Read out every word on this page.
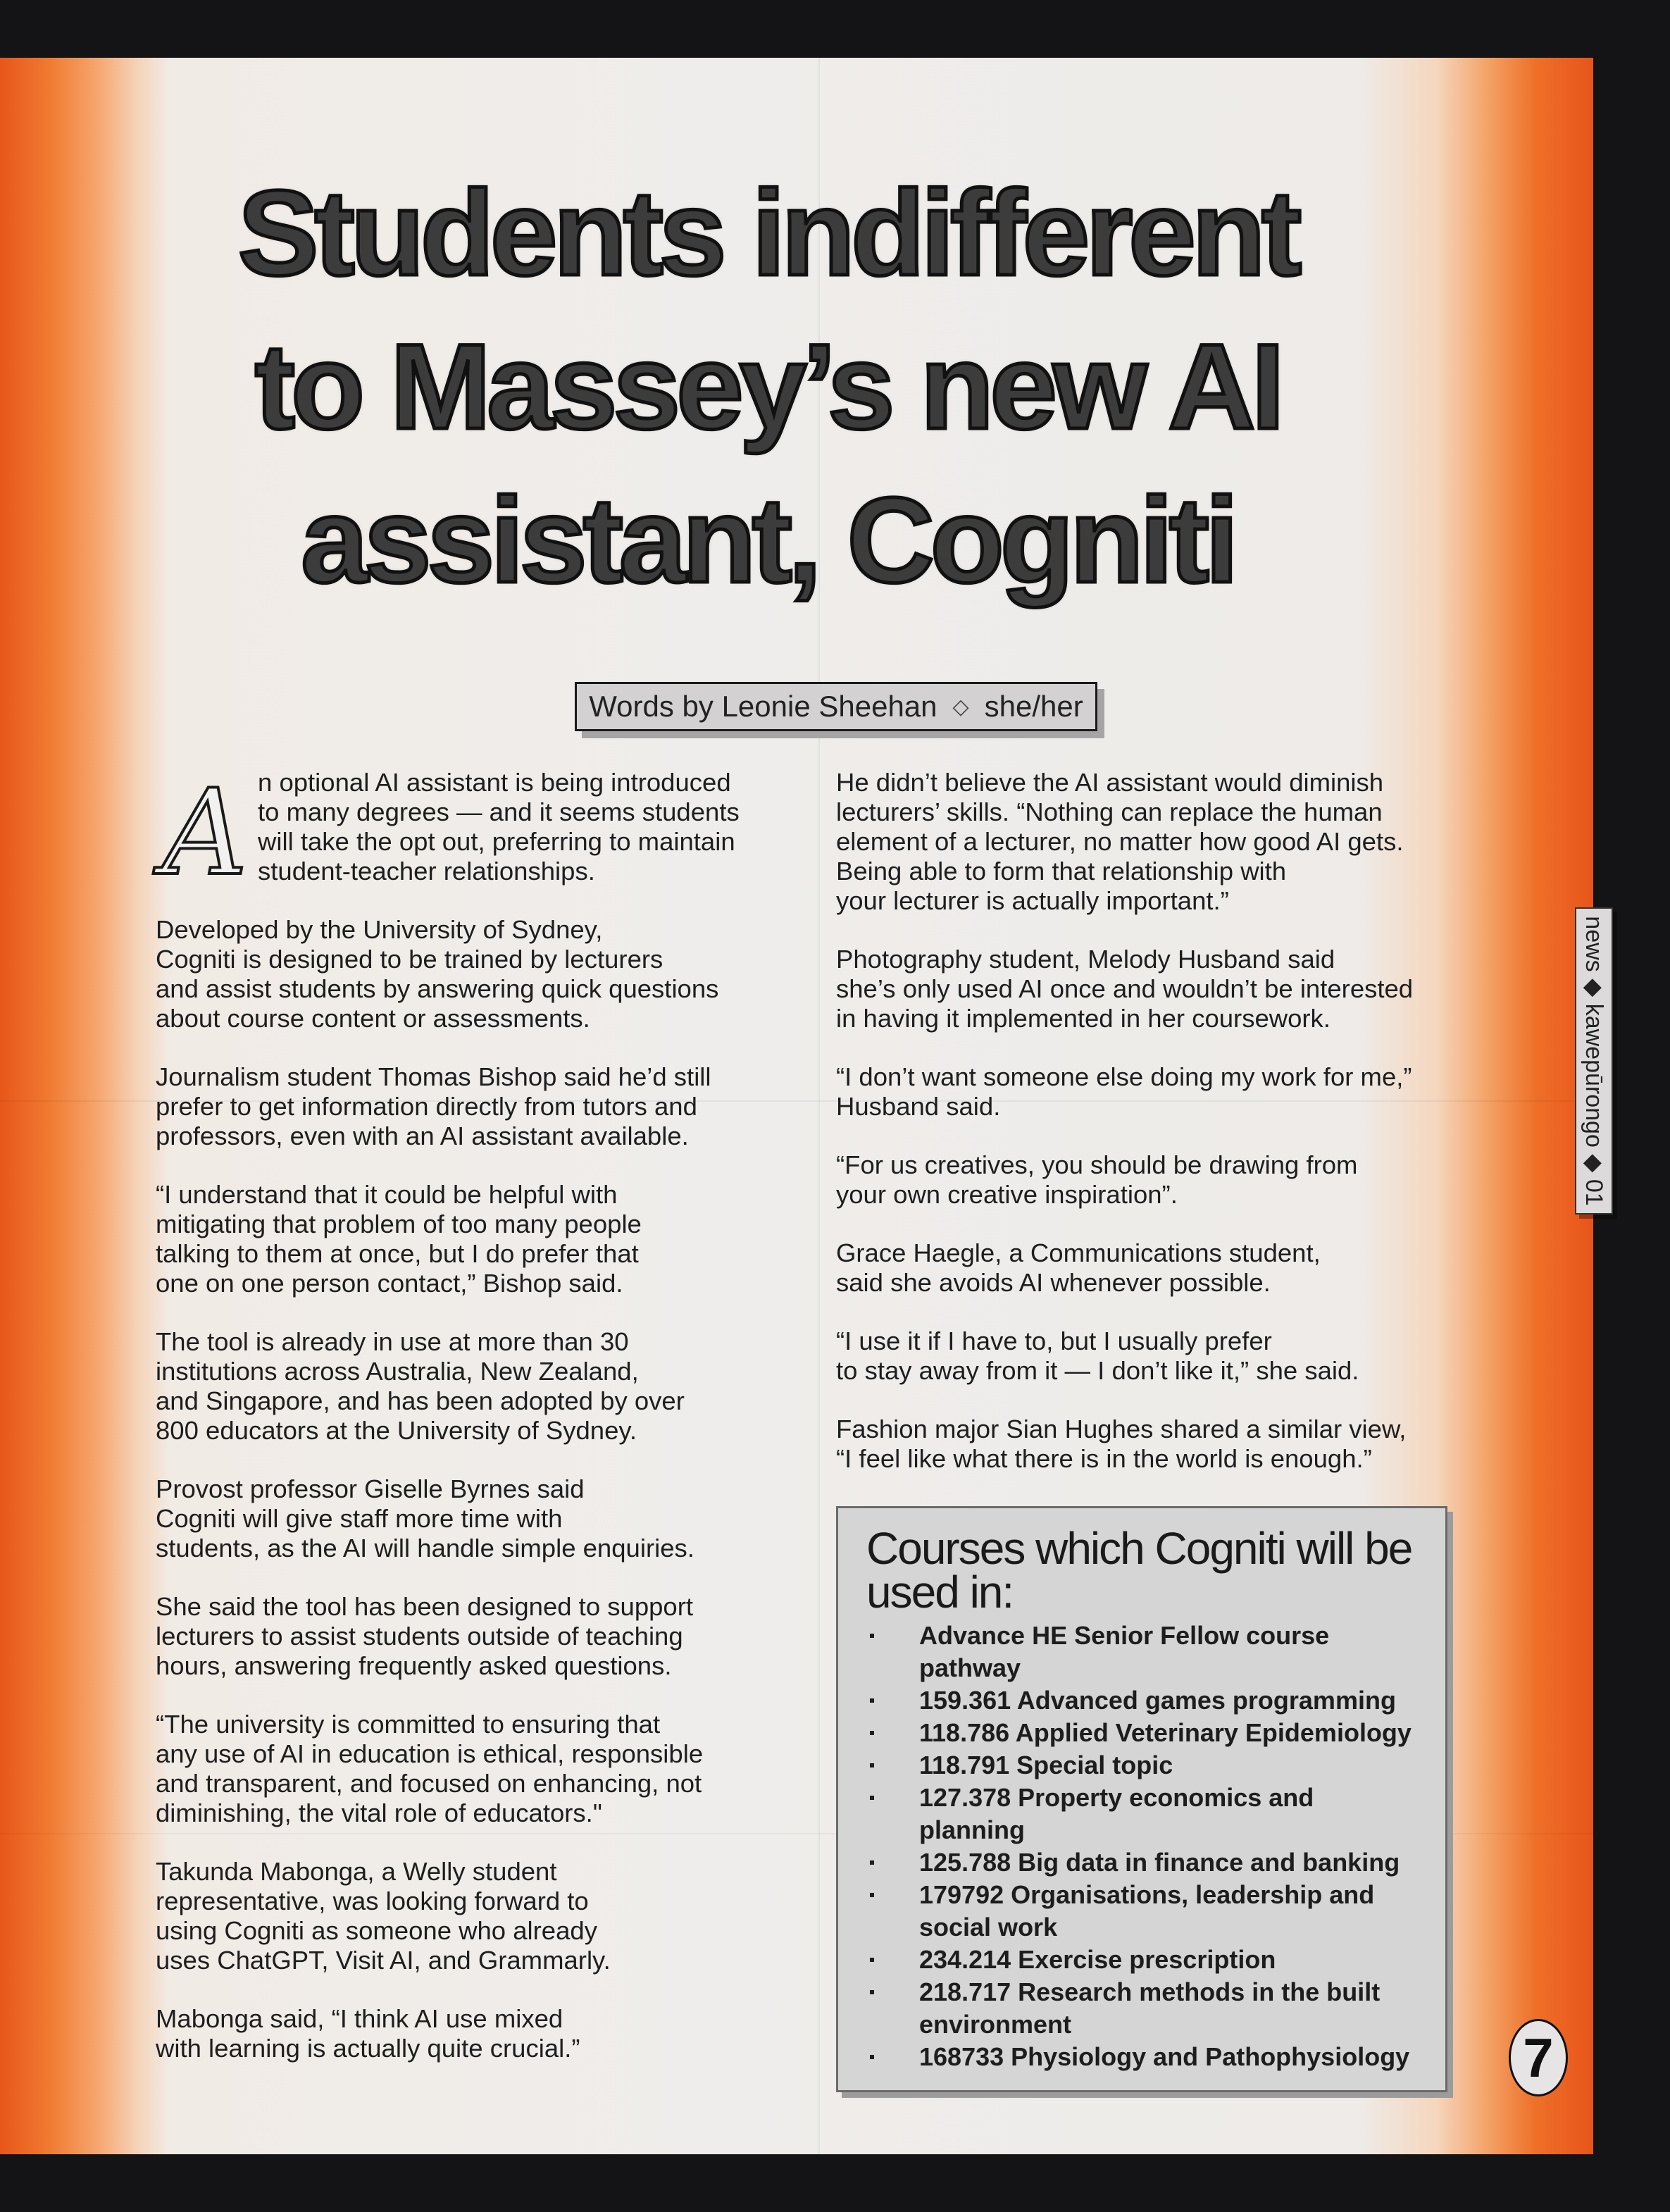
Students indifferent
to Massey’s new AI
assistant, Cogniti
Words by Leonie Sheehan ◇ she/her
A n optional AI assistant is being introduced
to many degrees — and it seems students
will take the opt out, preferring to maintain
student-teacher relationships.

Developed by the University of Sydney,
Cogniti is designed to be trained by lecturers
and assist students by answering quick questions
about course content or assessments.

Journalism student Thomas Bishop said he’d still
prefer to get information directly from tutors and
professors, even with an AI assistant available.

“I understand that it could be helpful with
mitigating that problem of too many people
talking to them at once, but I do prefer that
one on one person contact,” Bishop said.

The tool is already in use at more than 30
institutions across Australia, New Zealand,
and Singapore, and has been adopted by over
800 educators at the University of Sydney.

Provost professor Giselle Byrnes said
Cogniti will give staff more time with
students, as the AI will handle simple enquiries.

She said the tool has been designed to support
lecturers to assist students outside of teaching
hours, answering frequently asked questions.

“The university is committed to ensuring that
any use of AI in education is ethical, responsible
and transparent, and focused on enhancing, not
diminishing, the vital role of educators."

Takunda Mabonga, a Welly student
representative, was looking forward to
using Cogniti as someone who already
uses ChatGPT, Visit AI, and Grammarly.

Mabonga said, “I think AI use mixed
with learning is actually quite crucial.”

He didn’t believe the AI assistant would diminish
lecturers’ skills. “Nothing can replace the human
element of a lecturer, no matter how good AI gets.
Being able to form that relationship with
your lecturer is actually important.”

Photography student, Melody Husband said
she’s only used AI once and wouldn’t be interested
in having it implemented in her coursework.

“I don’t want someone else doing my work for me,”
Husband said.

“For us creatives, you should be drawing from
your own creative inspiration”.

Grace Haegle, a Communications student,
said she avoids AI whenever possible.

“I use it if I have to, but I usually prefer
to stay away from it — I don’t like it,” she said.

Fashion major Sian Hughes shared a similar view,
“I feel like what there is in the world is enough.”

Courses which Cogniti will be used in:
Advance HE Senior Fellow course
pathway
159.361 Advanced games programming
118.786 Applied Veterinary Epidemiology
118.791 Special topic
127.378 Property economics and
planning
125.788 Big data in finance and banking
179792 Organisations, leadership and
social work
234.214 Exercise prescription
218.717 Research methods in the built
environment
168733 Physiology and Pathophysiology
news ◆ kawepūrongo ◆ 01
7
